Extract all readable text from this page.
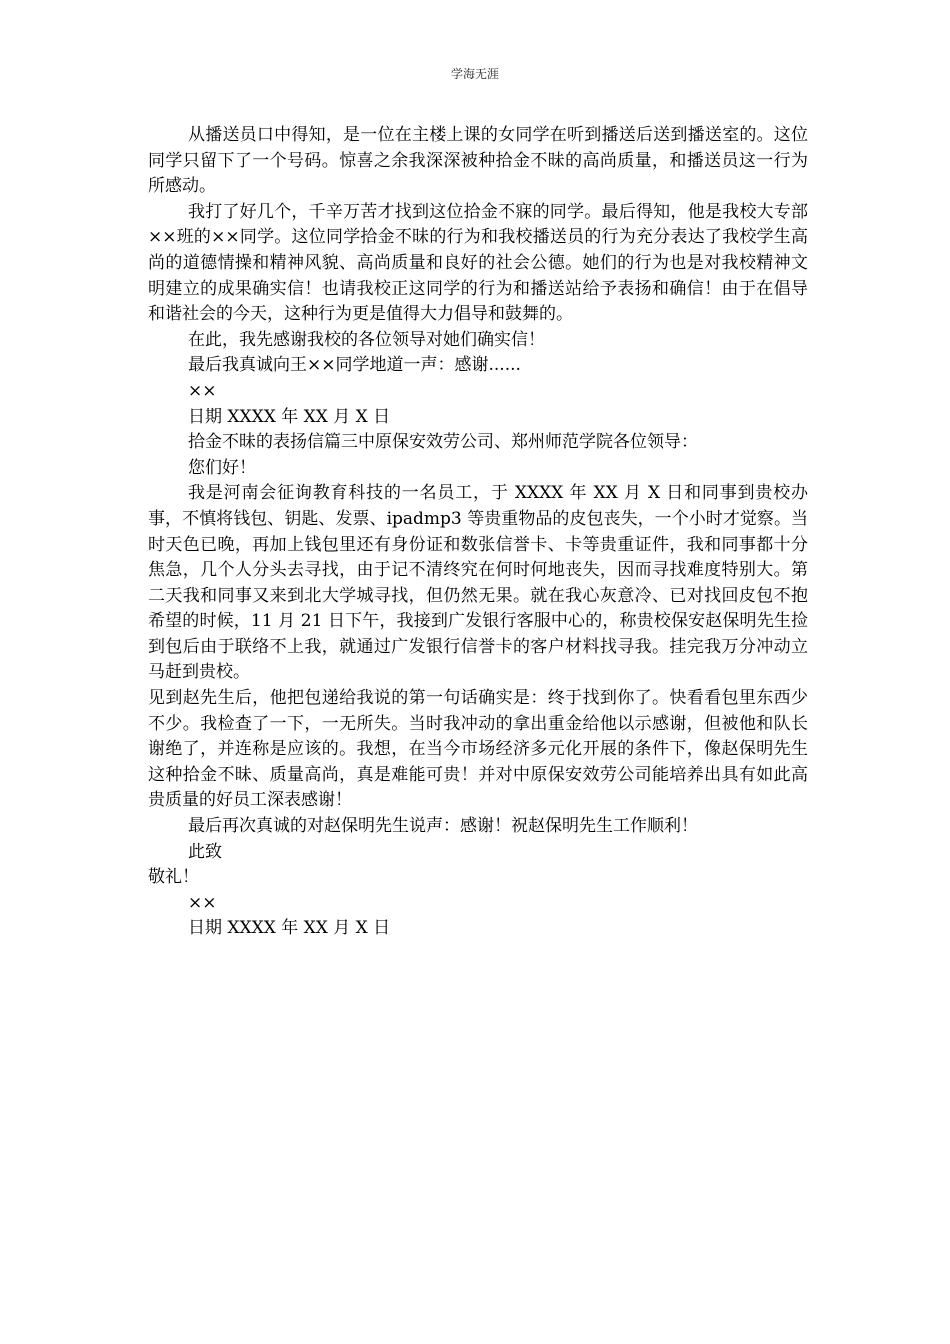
学海无涯

从播送员口中得知，是一位在主楼上课的女同学在听到播送后送到播送室的。这位同学只留下了一个号码。惊喜之余我深深被种拾金不昧的高尚质量，和播送员这一行为所感动。

我打了好几个，千辛万苦才找到这位拾金不寐的同学。最后得知，他是我校大专部××班的××同学。这位同学拾金不昧的行为和我校播送员的行为充分表达了我校学生高尚的道德情操和精神风貌、高尚质量和良好的社会公德。她们的行为也是对我校精神文明建立的成果确实信！也请我校正这同学的行为和播送站给予表扬和确信！由于在倡导和谐社会的今天，这种行为更是值得大力倡导和鼓舞的。

在此，我先感谢我校的各位领导对她们确实信！

最后我真诚向王××同学地道一声：感谢......

××

日期 XXXX 年 XX 月 X 日

拾金不昧的表扬信篇三中原保安效劳公司、郑州师范学院各位领导：

您们好！

我是河南会征询教育科技的一名员工，于 XXXX 年 XX 月 X 日和同事到贵校办事，不慎将钱包、钥匙、发票、ipadmp3 等贵重物品的皮包丧失，一个小时才觉察。当时天色已晚，再加上钱包里还有身份证和数张信誉卡、卡等贵重证件，我和同事都十分焦急，几个人分头去寻找，由于记不清终究在何时何地丧失，因而寻找难度特别大。第二天我和同事又来到北大学城寻找，但仍然无果。就在我心灰意冷、已对找回皮包不抱希望的时候，11 月 21 日下午，我接到广发银行客服中心的，称贵校保安赵保明先生捡到包后由于联络不上我，就通过广发银行信誉卡的客户材料找寻我。挂完我万分冲动立马赶到贵校。

见到赵先生后，他把包递给我说的第一句话确实是：终于找到你了。快看看包里东西少不少。我检查了一下，一无所失。当时我冲动的拿出重金给他以示感谢，但被他和队长谢绝了，并连称是应该的。我想，在当今市场经济多元化开展的条件下，像赵保明先生这种拾金不昧、质量高尚，真是难能可贵！并对中原保安效劳公司能培养出具有如此高贵质量的好员工深表感谢！

最后再次真诚的对赵保明先生说声：感谢！祝赵保明先生工作顺利！

此致

敬礼！

××

日期 XXXX 年 XX 月 X 日
